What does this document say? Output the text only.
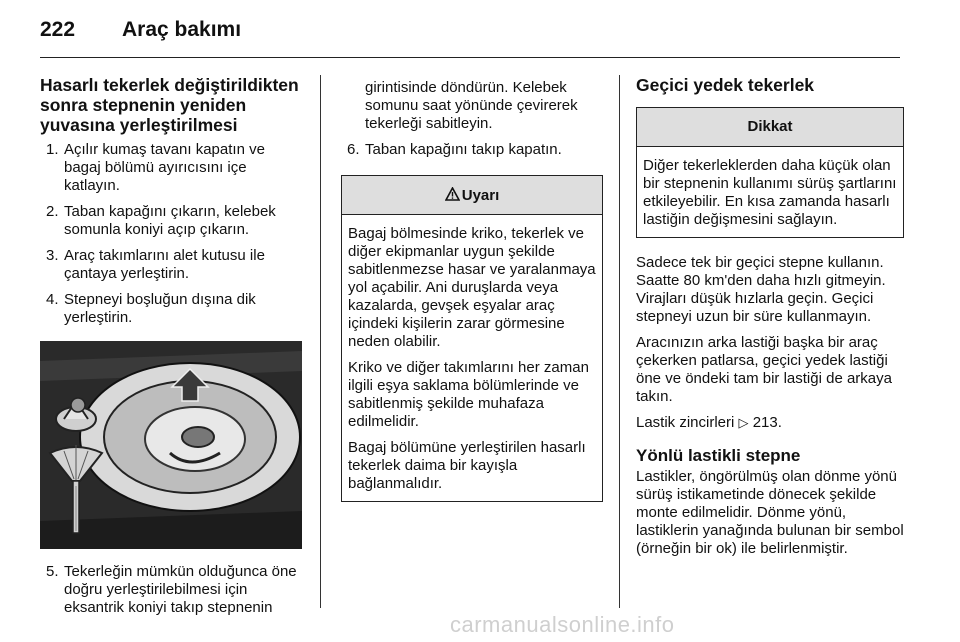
222	Araç bakımı
Hasarlı tekerlek değiştirildikten sonra stepnenin yeniden yuvasına yerleştirilmesi
1. Açılır kumaş tavanı kapatın ve bagaj bölümü ayırıcısını içe katlayın.
2. Taban kapağını çıkarın, kelebek somunla koniyi açıp çıkarın.
3. Araç takımlarını alet kutusu ile çantaya yerleştirin.
4. Stepneyi boşluğun dışına dik yerleştirin.
5. Tekerleğin mümkün olduğunca öne doğru yerleştirilebilmesi için eksantrik koniyi takıp stepnenin
girintisinde döndürün. Kelebek somunu saat yönünde çevirerek tekerleği sabitleyin.
6. Taban kapağını takıp kapatın.
Uyarı

Bagaj bölmesinde kriko, tekerlek ve diğer ekipmanlar uygun şekilde sabitlenmezse hasar ve yaralanmaya yol açabilir. Ani duruşlarda veya kazalarda, gevşek eşyalar araç içindeki kişilerin zarar görmesine neden olabilir.

Kriko ve diğer takımlarını her zaman ilgili eşya saklama bölümlerinde ve sabitlenmiş şekilde muhafaza edilmelidir.

Bagaj bölümüne yerleştirilen hasarlı tekerlek daima bir kayışla bağlanmalıdır.

Geçici yedek tekerlek
Dikkat

Diğer tekerleklerden daha küçük olan bir stepnenin kullanımı sürüş şartlarını etkileyebilir. En kısa zamanda hasarlı lastiğin değişmesini sağlayın.

Sadece tek bir geçici stepne kullanın. Saatte 80 km'den daha hızlı gitmeyin. Virajları düşük hızlarla geçin. Geçici stepneyi uzun bir süre kullanmayın.

Aracınızın arka lastiği başka bir araç çekerken patlarsa, geçici yedek lastiği öne ve öndeki tam bir lastiği de arkaya takın.

Lastik zincirleri ▷ 213.

Yönlü lastikli stepne

Lastikler, öngörülmüş olan dönme yönü sürüş istikametinde dönecek şekilde monte edilmelidir. Dönme yönü, lastiklerin yanağında bulunan bir sembol (örneğin bir ok) ile belirlenmiştir.

carmanualsonline.info
